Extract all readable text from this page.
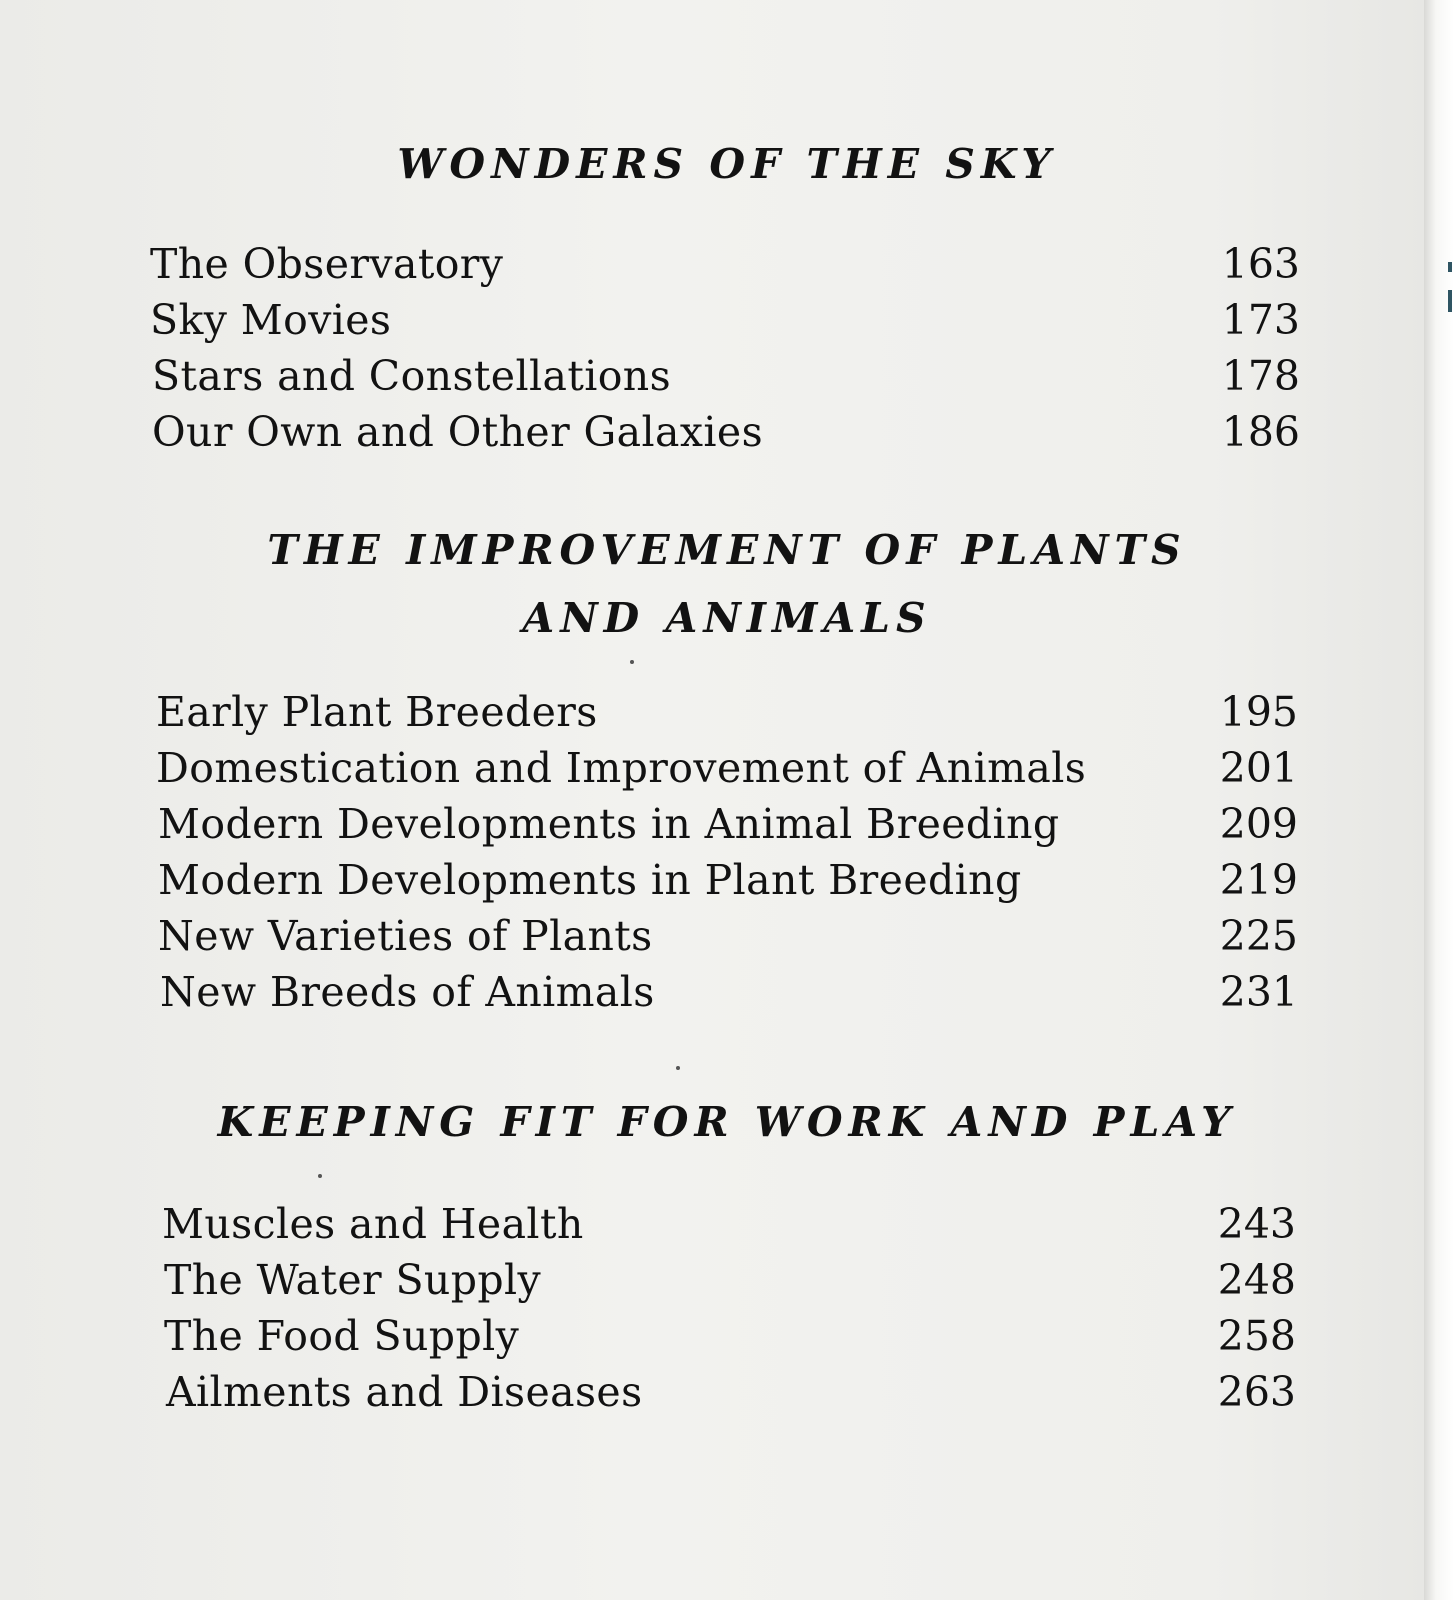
WONDERS OF THE SKY
The Observatory	163
Sky Movies	173
Stars and Constellations	178
Our Own and Other Galaxies	186
THE IMPROVEMENT OF PLANTS
AND ANIMALS
Early Plant Breeders	195
Domestication and Improvement of Animals	201
Modern Developments in Animal Breeding	209
Modern Developments in Plant Breeding	219
New Varieties of Plants	225
New Breeds of Animals	231
KEEPING FIT FOR WORK AND PLAY
Muscles and Health	243
The Water Supply	248
The Food Supply	258
Ailments and Diseases	263
